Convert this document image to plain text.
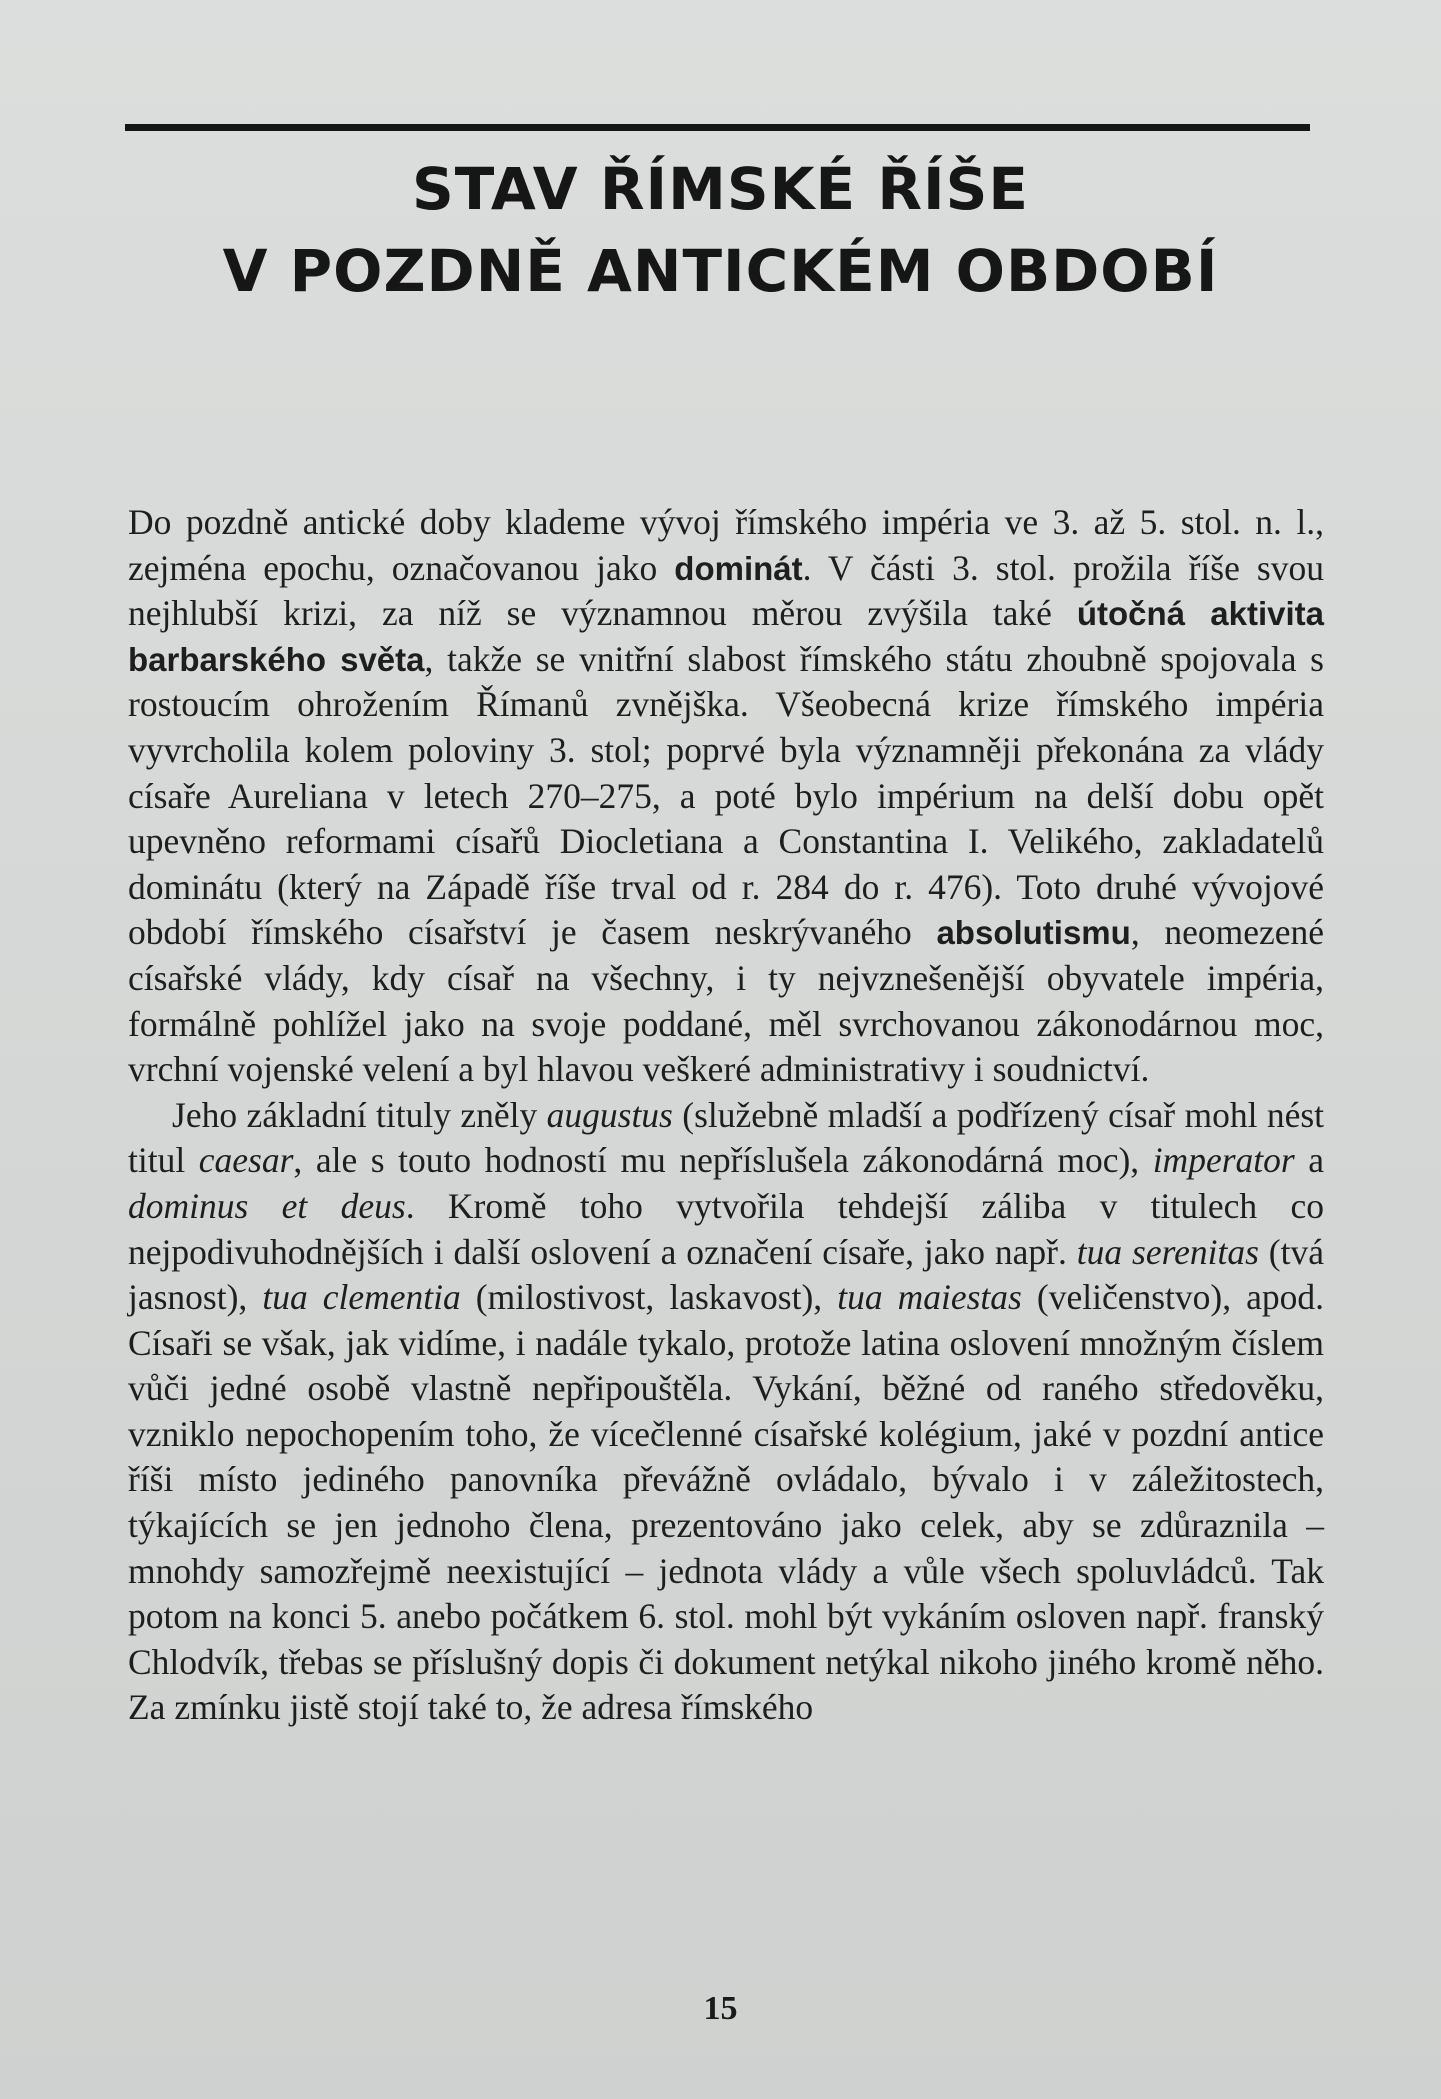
STAV ŘÍMSKÉ ŘÍŠE
V POZDNĚ ANTICKÉM OBDOBÍ

Do pozdně antické doby klademe vývoj římského impéria ve 3. až 5. stol. n. l., zejména epochu, označovanou jako dominát. V části 3. stol. prožila říše svou nejhlubší krizi, za níž se významnou měrou zvýšila také útočná aktivita barbarského světa, takže se vnitřní slabost římského státu zhoubně spojovala s rostoucím ohrožením Římanů zvnějška. Všeobecná krize římského impéria vyvrcholila kolem poloviny 3. stol; poprvé byla významněji překonána za vlády císaře Aureliana v letech 270–275, a poté bylo impérium na delší dobu opět upevněno reformami císařů Diocletiana a Constantina I. Velikého, zakladatelů dominátu (který na Západě říše trval od r. 284 do r. 476). Toto druhé vývojové období římského císařství je časem neskrývaného absolutismu, neomezené císařské vlády, kdy císař na všechny, i ty nejvznešenější obyvatele impéria, formálně pohlížel jako na svoje poddané, měl svrchovanou zákonodárnou moc, vrchní vojenské velení a byl hlavou veškeré administrativy i soudnictví.

Jeho základní tituly zněly augustus (služebně mladší a podřízený císař mohl nést titul caesar, ale s touto hodností mu nepříslušela zákonodárná moc), imperator a dominus et deus. Kromě toho vytvořila tehdejší záliba v titulech co nejpodivuhodnějších i další oslovení a označení císaře, jako např. tua serenitas (tvá jasnost), tua clementia (milostivost, laskavost), tua maiestas (veličenstvo), apod. Císaři se však, jak vidíme, i nadále tykalo, protože latina oslovení množným číslem vůči jedné osobě vlastně nepřipouštěla. Vykání, běžné od raného středověku, vzniklo nepochopením toho, že vícečlenné císařské kolégium, jaké v pozdní antice říši místo jediného panovníka převážně ovládalo, bývalo i v záležitostech, týkajících se jen jednoho člena, prezentováno jako celek, aby se zdůraznila – mnohdy samozřejmě neexistující – jednota vlády a vůle všech spoluvládců. Tak potom na konci 5. anebo počátkem 6. stol. mohl být vykáním osloven např. franský Chlodvík, třebas se příslušný dopis či dokument netýkal nikoho jiného kromě něho. Za zmínku jistě stojí také to, že adresa římského

15
